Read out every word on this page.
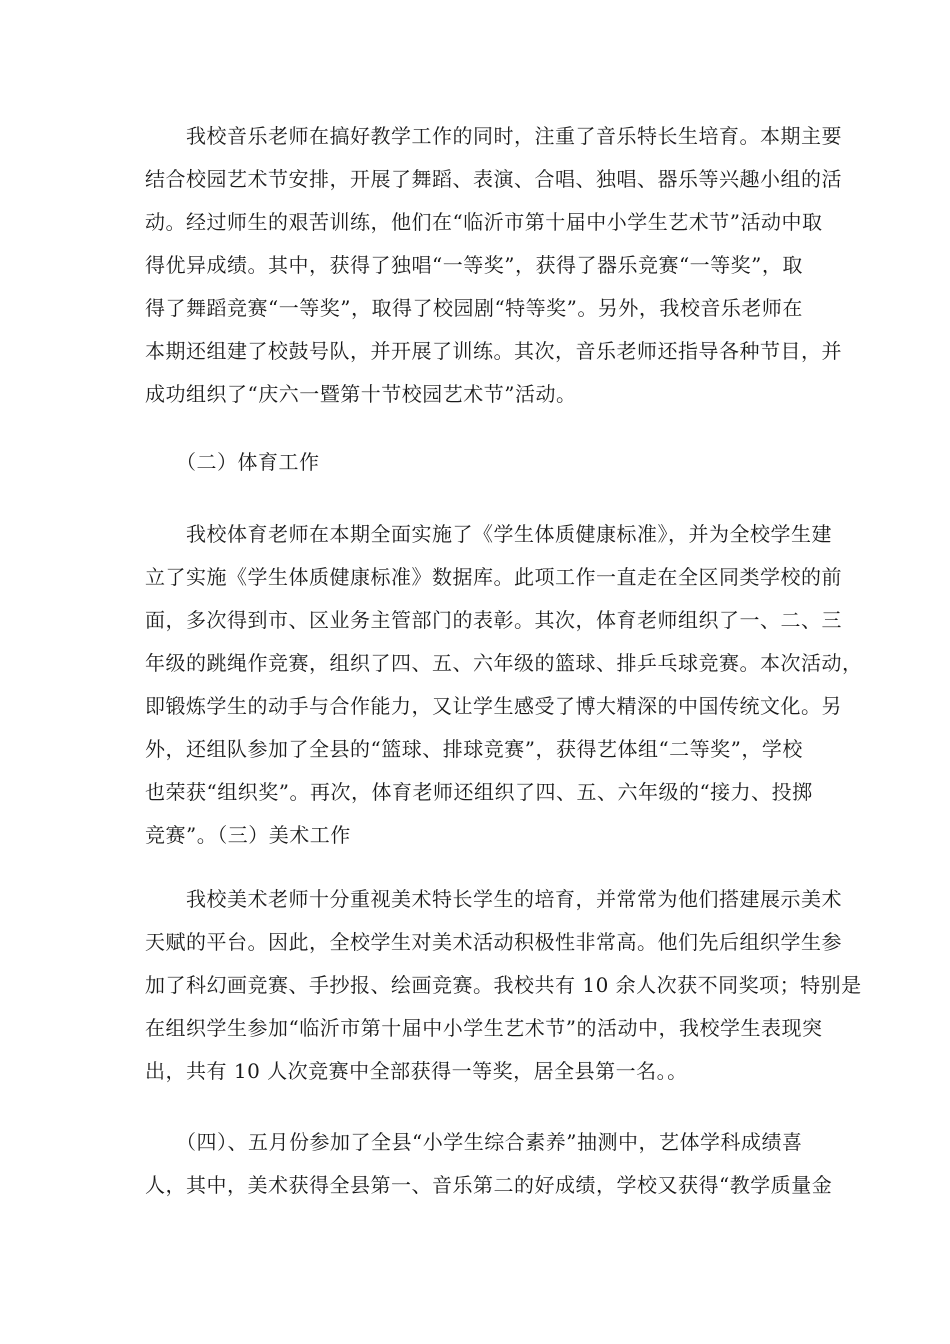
　　我校音乐老师在搞好教学工作的同时，注重了音乐特长生培育。本期主要
结合校园艺术节安排，开展了舞蹈、表演、合唱、独唱、器乐等兴趣小组的活
动。经过师生的艰苦训练，他们在“临沂市第十届中小学生艺术节”活动中取
得优异成绩。其中，获得了独唱“一等奖”，获得了器乐竞赛“一等奖”，取
得了舞蹈竞赛“一等奖”，取得了校园剧“特等奖”。另外，我校音乐老师在
本期还组建了校鼓号队，并开展了训练。其次，音乐老师还指导各种节目，并
成功组织了“庆六一暨第十节校园艺术节”活动。
　　（二）体育工作
　　我校体育老师在本期全面实施了《学生体质健康标准》，并为全校学生建
立了实施《学生体质健康标准》数据库。此项工作一直走在全区同类学校的前
面，多次得到市、区业务主管部门的表彰。其次，体育老师组织了一、二、三
年级的跳绳作竞赛，组织了四、五、六年级的篮球、排乒乓球竞赛。本次活动，
即锻炼学生的动手与合作能力，又让学生感受了博大精深的中国传统文化。另
外，还组队参加了全县的“篮球、排球竞赛”，获得艺体组“二等奖”，学校
也荣获“组织奖”。再次，体育老师还组织了四、五、六年级的“接力、投掷
竞赛”。（三）美术工作
　　我校美术老师十分重视美术特长学生的培育，并常常为他们搭建展示美术
天赋的平台。因此，全校学生对美术活动积极性非常高。他们先后组织学生参
加了科幻画竞赛、手抄报、绘画竞赛。我校共有 10 余人次获不同奖项；特别是
在组织学生参加“临沂市第十届中小学生艺术节”的活动中，我校学生表现突
出，共有 10 人次竞赛中全部获得一等奖，居全县第一名。。
　　（四）、五月份参加了全县“小学生综合素养”抽测中，艺体学科成绩喜
人，其中，美术获得全县第一、音乐第二的好成绩，学校又获得“教学质量金
